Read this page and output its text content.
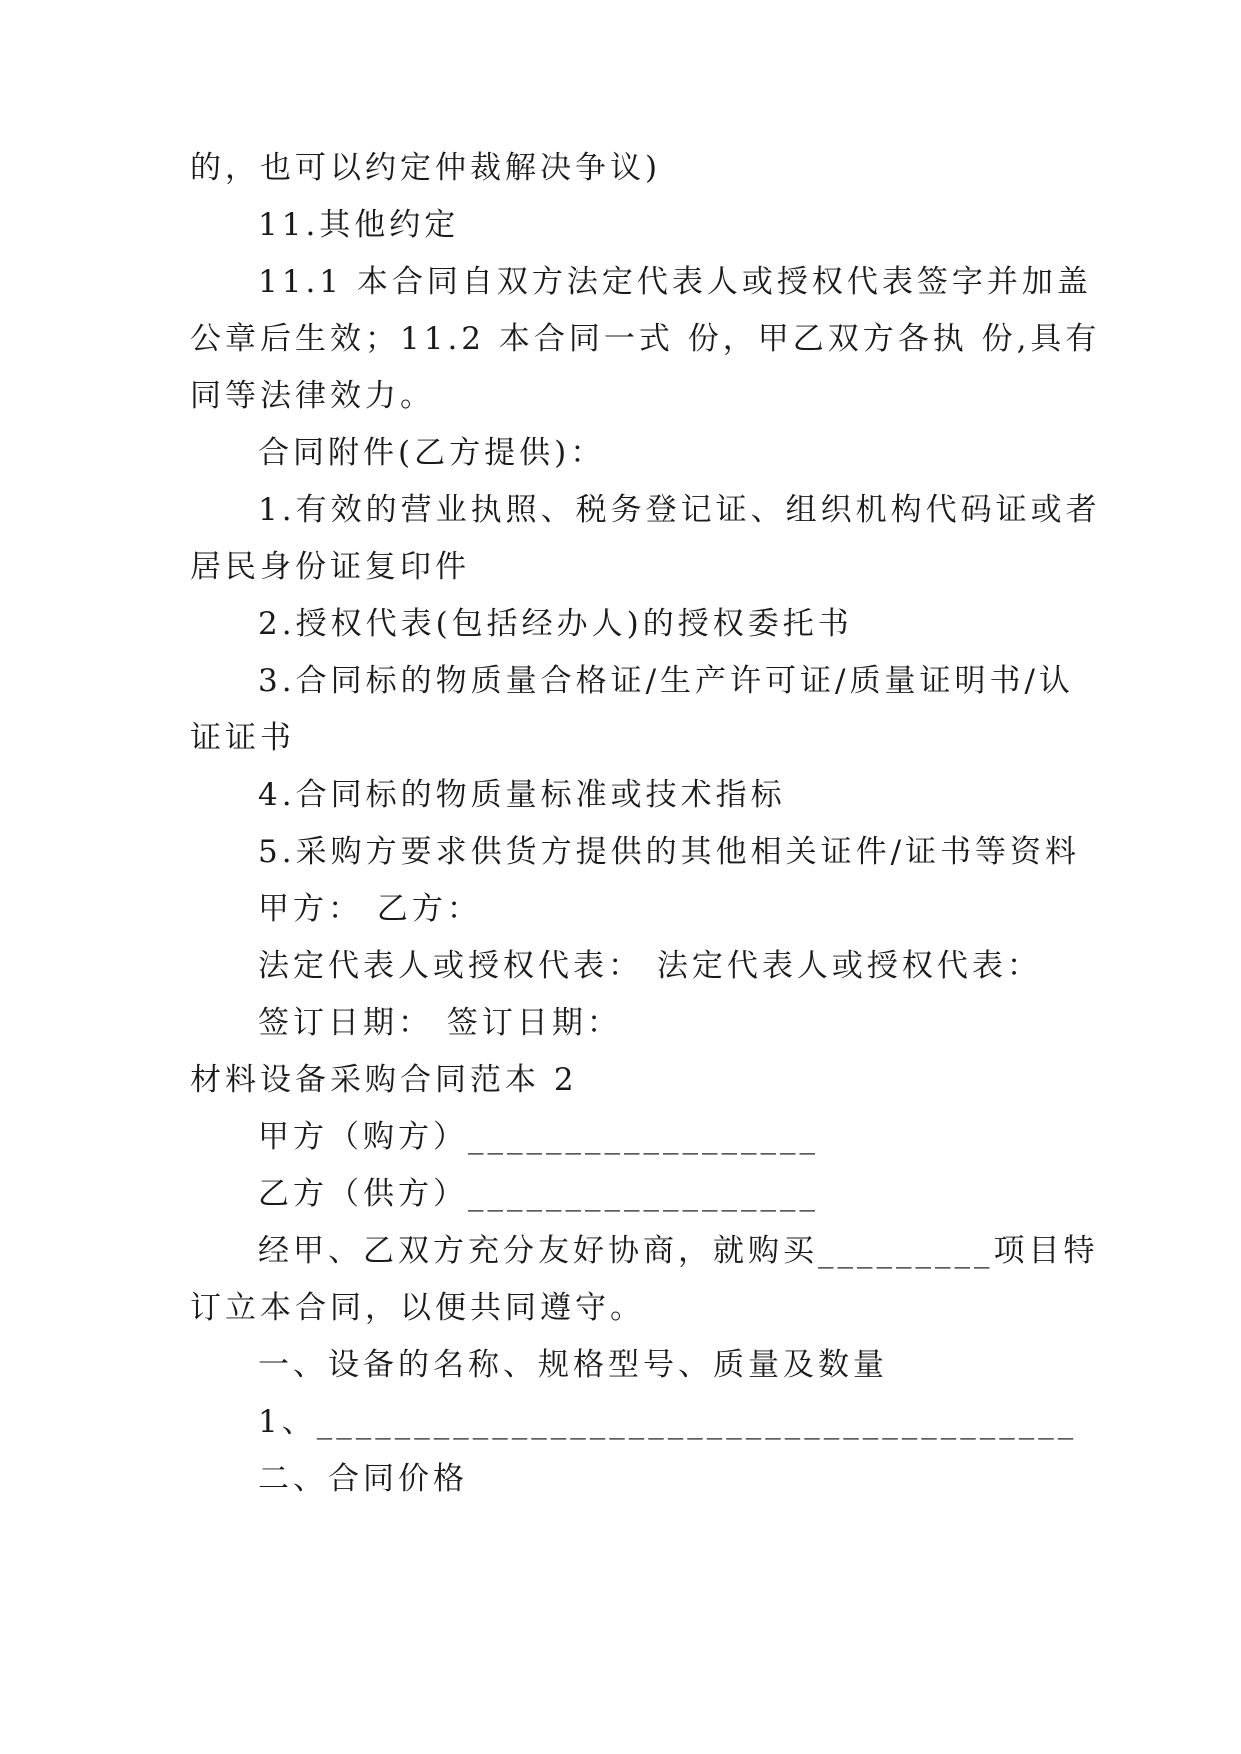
的，也可以约定仲裁解决争议)
11.其他约定
11.1 本合同自双方法定代表人或授权代表签字并加盖
公章后生效；11.2 本合同一式 份，甲乙双方各执 份,具有
同等法律效力。
合同附件(乙方提供)：
1.有效的营业执照、税务登记证、组织机构代码证或者
居民身份证复印件
2.授权代表(包括经办人)的授权委托书
3.合同标的物质量合格证/生产许可证/质量证明书/认
证证书
4.合同标的物质量标准或技术指标
5.采购方要求供货方提供的其他相关证件/证书等资料
甲方： 乙方：
法定代表人或授权代表： 法定代表人或授权代表：
签订日期： 签订日期：
材料设备采购合同范本 2
甲方（购方）__________________
乙方（供方）__________________
经甲、乙双方充分友好协商，就购买_________项目特
订立本合同，以便共同遵守。
一、设备的名称、规格型号、质量及数量
1、_______________________________________
二、合同价格
